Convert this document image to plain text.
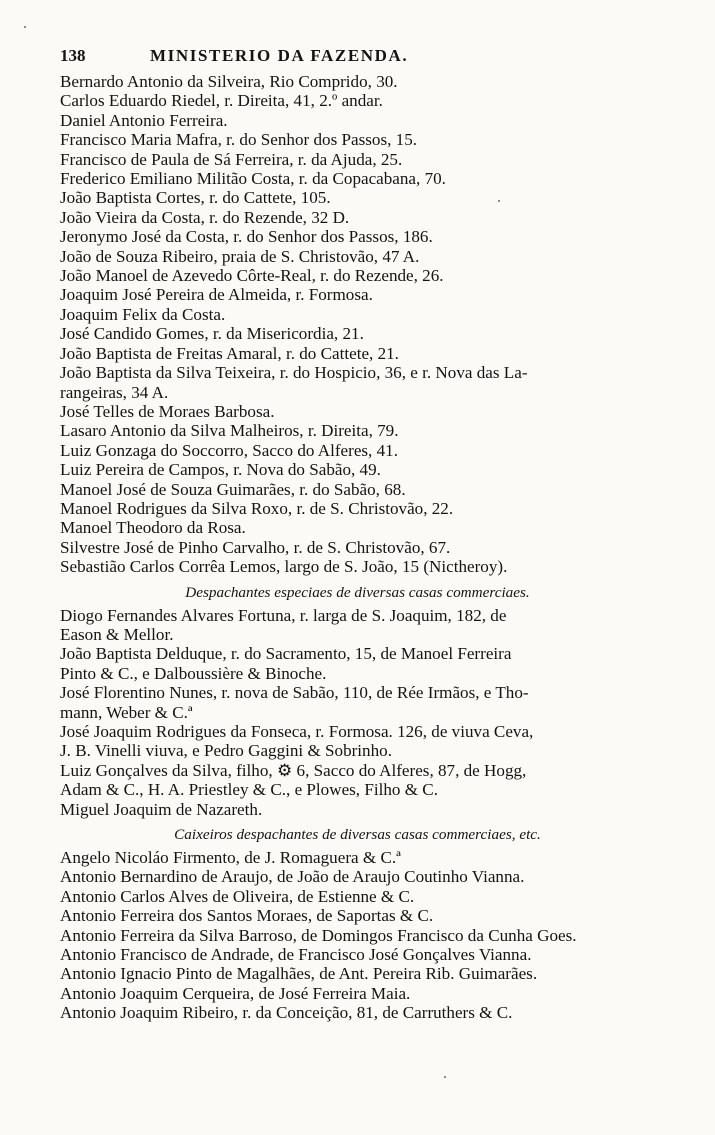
138	MINISTERIO DA FAZENDA.
Bernardo Antonio da Silveira, Rio Comprido, 30.
Carlos Eduardo Riedel, r. Direita, 41, 2.º andar.
Daniel Antonio Ferreira.
Francisco Maria Mafra, r. do Senhor dos Passos, 15.
Francisco de Paula de Sá Ferreira, r. da Ajuda, 25.
Frederico Emiliano Militão Costa, r. da Copacabana, 70.
João Baptista Cortes, r. do Cattete, 105.
João Vieira da Costa, r. do Rezende, 32 D.
Jeronymo José da Costa, r. do Senhor dos Passos, 186.
João de Souza Ribeiro, praia de S. Christovão, 47 A.
João Manoel de Azevedo Côrte-Real, r. do Rezende, 26.
Joaquim José Pereira de Almeida, r. Formosa.
Joaquim Felix da Costa.
José Candido Gomes, r. da Misericordia, 21.
João Baptista de Freitas Amaral, r. do Cattete, 21.
João Baptista da Silva Teixeira, r. do Hospicio, 36, e r. Nova das La-
rangeiras, 34 A.
José Telles de Moraes Barbosa.
Lasaro Antonio da Silva Malheiros, r. Direita, 79.
Luiz Gonzaga do Soccorro, Sacco do Alferes, 41.
Luiz Pereira de Campos, r. Nova do Sabão, 49.
Manoel José de Souza Guimarães, r. do Sabão, 68.
Manoel Rodrigues da Silva Roxo, r. de S. Christovão, 22.
Manoel Theodoro da Rosa.
Silvestre José de Pinho Carvalho, r. de S. Christovão, 67.
Sebastião Carlos Corrêa Lemos, largo de S. João, 15 (Nictheroy).
Despachantes especiaes de diversas casas commerciaes.
Diogo Fernandes Alvares Fortuna, r. larga de S. Joaquim, 182, de
Eason & Mellor.
João Baptista Delduque, r. do Sacramento, 15, de Manoel Ferreira
Pinto & C., e Dalboussière & Binoche.
José Florentino Nunes, r. nova de Sabão, 110, de Rée Irmãos, e Tho-
mann, Weber & C.ª
José Joaquim Rodrigues da Fonseca, r. Formosa. 126, de viuva Ceva,
J. B. Vinelli viuva, e Pedro Gaggini & Sobrinho.
Luiz Gonçalves da Silva, filho, ⚙ 6, Sacco do Alferes, 87, de Hogg,
Adam & C., H. A. Priestley & C., e Plowes, Filho & C.
Miguel Joaquim de Nazareth.
Caixeiros despachantes de diversas casas commerciaes, etc.
Angelo Nicoláo Firmento, de J. Romaguera & C.ª
Antonio Bernardino de Araujo, de João de Araujo Coutinho Vianna.
Antonio Carlos Alves de Oliveira, de Estienne & C.
Antonio Ferreira dos Santos Moraes, de Saportas & C.
Antonio Ferreira da Silva Barroso, de Domingos Francisco da Cunha Goes.
Antonio Francisco de Andrade, de Francisco José Gonçalves Vianna.
Antonio Ignacio Pinto de Magalhães, de Ant. Pereira Rib. Guimarães.
Antonio Joaquim Cerqueira, de José Ferreira Maia.
Antonio Joaquim Ribeiro, r. da Conceição, 81, de Carruthers & C.
